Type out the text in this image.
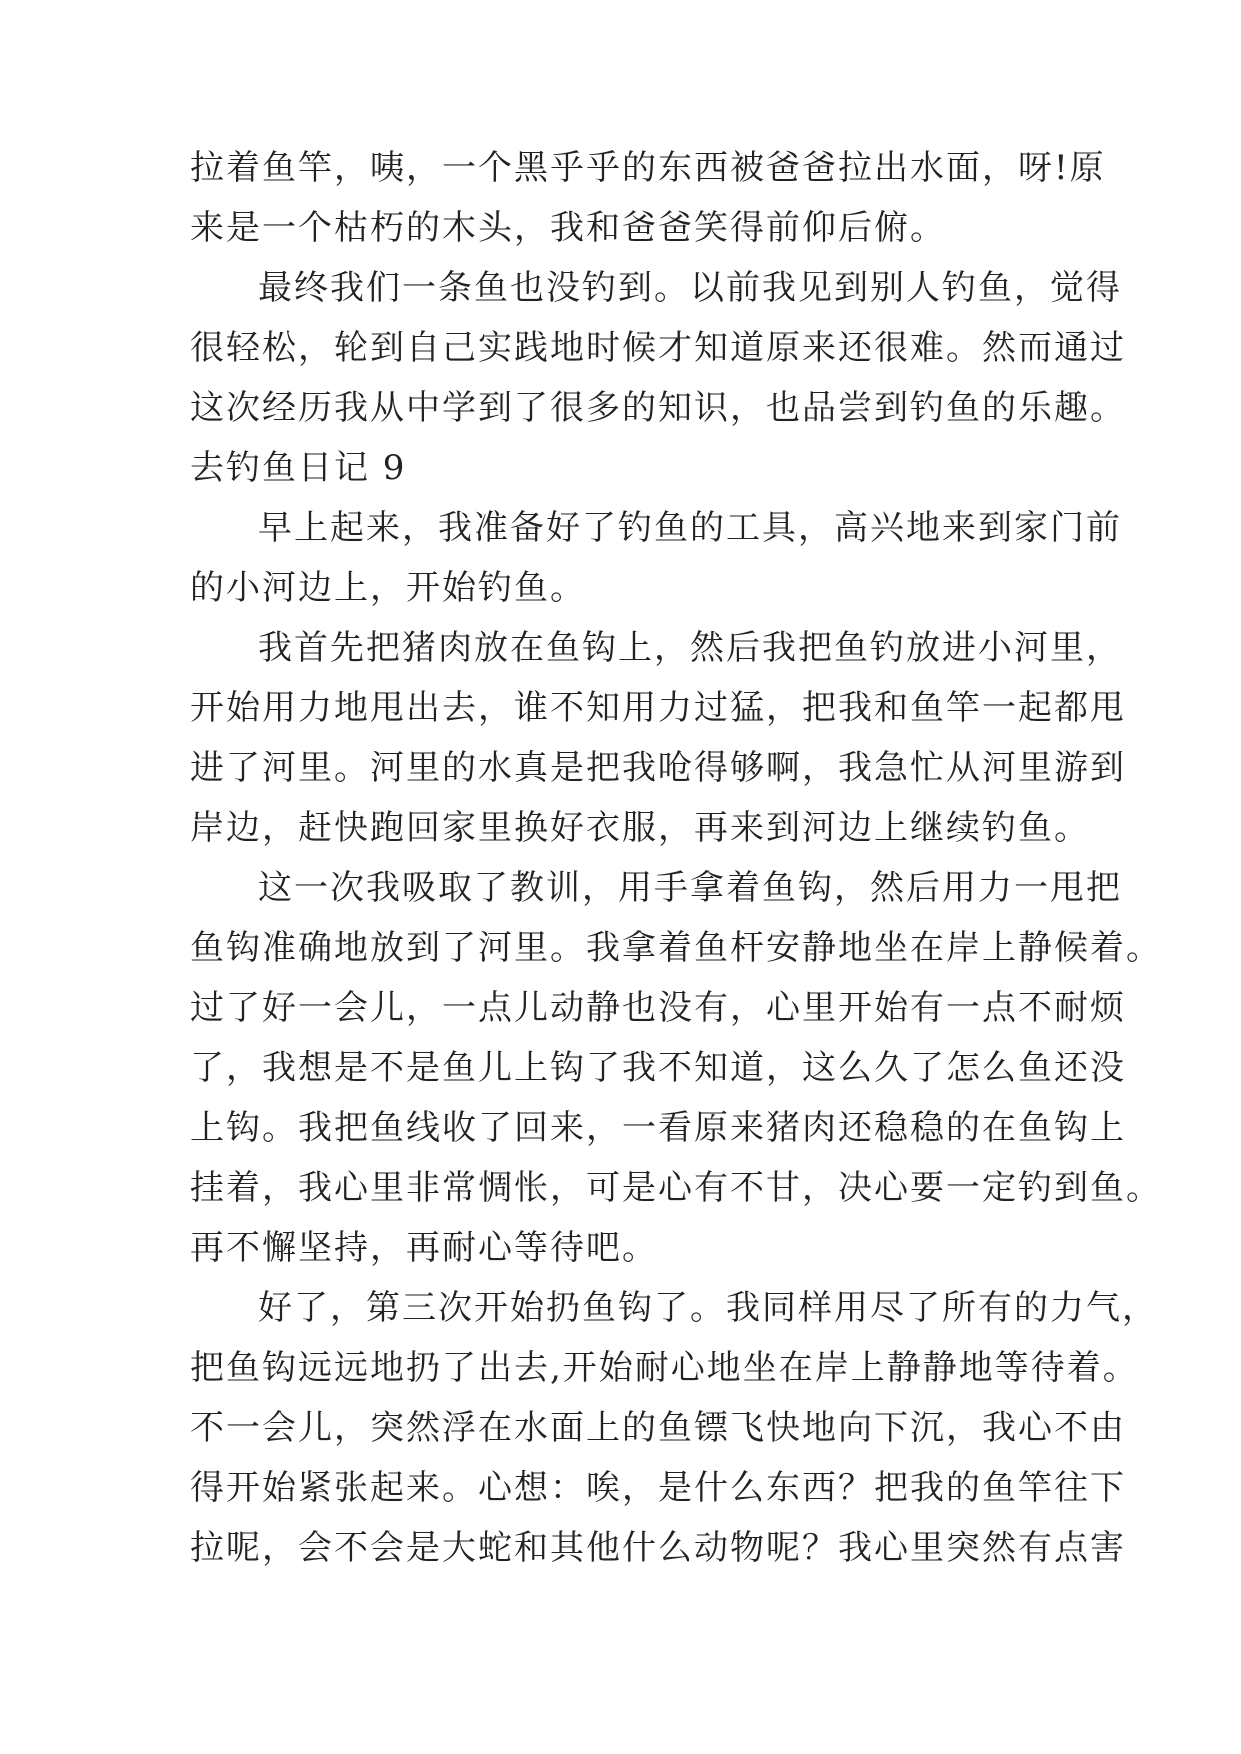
拉着鱼竿，咦，一个黑乎乎的东西被爸爸拉出水面，呀!原
来是一个枯朽的木头，我和爸爸笑得前仰后俯。
最终我们一条鱼也没钓到。以前我见到别人钓鱼，觉得
很轻松，轮到自己实践地时候才知道原来还很难。然而通过
这次经历我从中学到了很多的知识，也品尝到钓鱼的乐趣。
去钓鱼日记 9
早上起来，我准备好了钓鱼的工具，高兴地来到家门前
的小河边上，开始钓鱼。
我首先把猪肉放在鱼钩上，然后我把鱼钓放进小河里，
开始用力地甩出去，谁不知用力过猛，把我和鱼竿一起都甩
进了河里。河里的水真是把我呛得够啊，我急忙从河里游到
岸边，赶快跑回家里换好衣服，再来到河边上继续钓鱼。
这一次我吸取了教训，用手拿着鱼钩，然后用力一甩把
鱼钩准确地放到了河里。我拿着鱼杆安静地坐在岸上静候着。
过了好一会儿，一点儿动静也没有，心里开始有一点不耐烦
了，我想是不是鱼儿上钩了我不知道，这么久了怎么鱼还没
上钩。我把鱼线收了回来，一看原来猪肉还稳稳的在鱼钩上
挂着，我心里非常惆怅，可是心有不甘，决心要一定钓到鱼。
再不懈坚持，再耐心等待吧。
好了，第三次开始扔鱼钩了。我同样用尽了所有的力气，
把鱼钩远远地扔了出去,开始耐心地坐在岸上静静地等待着。
不一会儿，突然浮在水面上的鱼镖飞快地向下沉，我心不由
得开始紧张起来。心想：唉，是什么东西？把我的鱼竿往下
拉呢，会不会是大蛇和其他什么动物呢？我心里突然有点害
